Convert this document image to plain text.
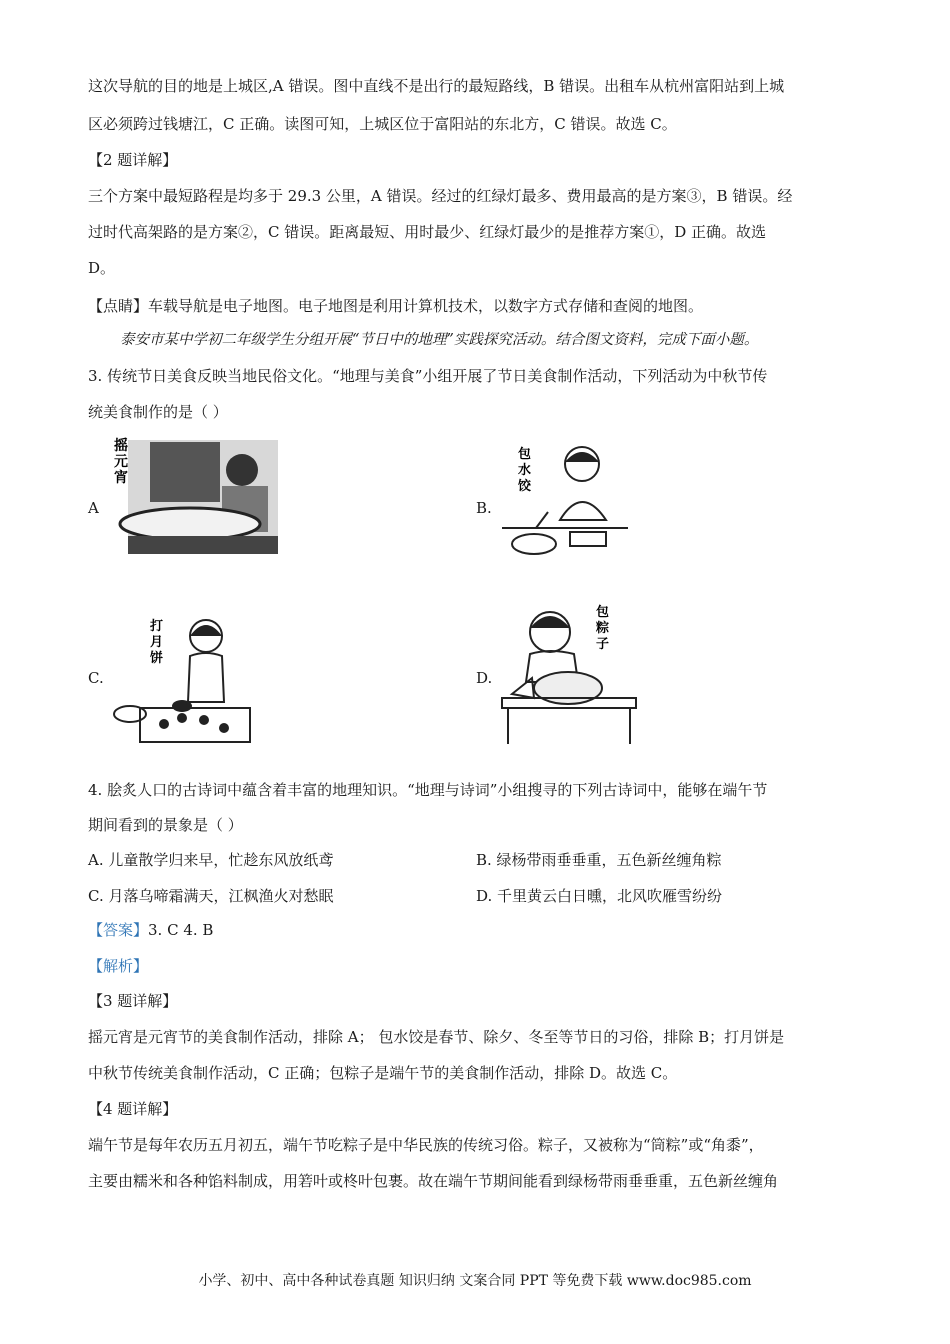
这次导航的目的地是上城区,A 错误。图中直线不是出行的最短路线，B 错误。出租车从杭州富阳站到上城
区必须跨过钱塘江，C 正确。读图可知，上城区位于富阳站的东北方，C 错误。故选 C。
【2 题详解】
三个方案中最短路程是均多于 29.3 公里，A 错误。经过的红绿灯最多、费用最高的是方案③，B 错误。经
过时代高架路的是方案②，C 错误。距离最短、用时最少、红绿灯最少的是推荐方案①，D 正确。故选
D。
【点睛】车载导航是电子地图。电子地图是利用计算机技术，以数字方式存储和查阅的地图。
泰安市某中学初二年级学生分组开展“节日中的地理”实践探究活动。结合图文资料，完成下面小题。
3. 传统节日美食反映当地民俗文化。“地理与美食”小组开展了节日美食制作活动，下列活动为中秋节传
统美食制作的是（ ）
A
摇
元
宵
B.
包
水
饺
C.
打
月
饼
D.
包
粽
子
4. 脍炙人口的古诗词中蕴含着丰富的地理知识。“地理与诗词”小组搜寻的下列古诗词中，能够在端午节
期间看到的景象是（ ）
A. 儿童散学归来早，忙趁东风放纸鸢	B. 绿杨带雨垂垂重，五色新丝缠角粽
C. 月落乌啼霜满天，江枫渔火对愁眠	D. 千里黄云白日曛，北风吹雁雪纷纷
【答案】3. C 4. B
【解析】
【3 题详解】
摇元宵是元宵节的美食制作活动，排除 A； 包水饺是春节、除夕、冬至等节日的习俗，排除 B；打月饼是
中秋节传统美食制作活动，C 正确；包粽子是端午节的美食制作活动，排除 D。故选 C。
【4 题详解】
端午节是每年农历五月初五，端午节吃粽子是中华民族的传统习俗。粽子，又被称为“筒粽”或“角黍”，
主要由糯米和各种馅料制成，用箬叶或柊叶包裹。故在端午节期间能看到绿杨带雨垂垂重，五色新丝缠角
小学、初中、高中各种试卷真题 知识归纳 文案合同 PPT 等免费下载 www.doc985.com
